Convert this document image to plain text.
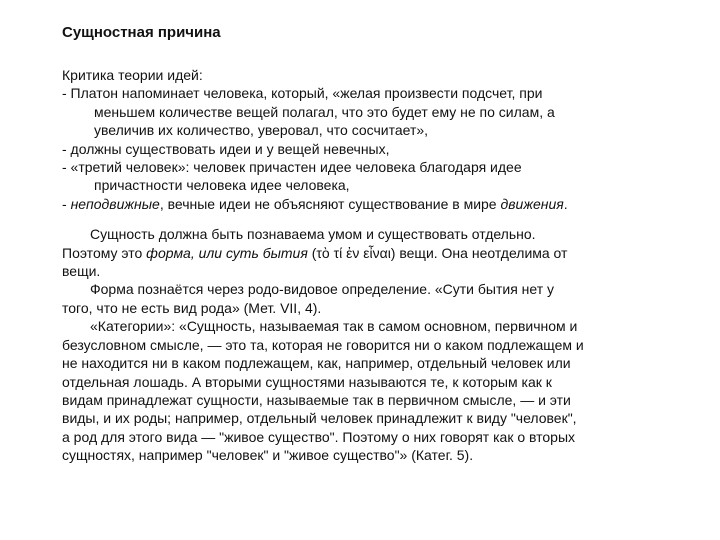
Сущностная причина

Критика теории идей:

- Платон напоминает человека, который, «желая произвести подсчет, при

меньшем количестве вещей полагал, что это будет ему не по силам, а

увеличив их количество, уверовал, что сосчитает»,

- должны существовать идеи и у вещей невечных,

- «третий человек»: человек причастен идее человека благодаря идее

причастности человека идее человека,

- неподвижные, вечные идеи не объясняют существование в мире движения.

Сущность должна быть познаваема умом и существовать отдельно.

Поэтому это форма, или суть бытия (τὸ τί ἐν εἶναι) вещи. Она неотделима от

вещи.

Форма познаётся через родо-видовое определение. «Сути бытия нет у

того, что не есть вид рода» (Мет. VII, 4).

«Категории»: «Сущность, называемая так в самом основном, первичном и

безусловном смысле, — это та, которая не говорится ни о каком подлежащем и

не находится ни в каком подлежащем, как, например, отдельный человек или

отдельная лошадь. А вторыми сущностями называются те, к которым как к

видам принадлежат сущности, называемые так в первичном смысле, — и эти

виды, и их роды; например, отдельный человек принадлежит к виду "человек",

а род для этого вида — "живое существо". Поэтому о них говорят как о вторых

сущностях, например "человек" и "живое существо"» (Катег. 5).
